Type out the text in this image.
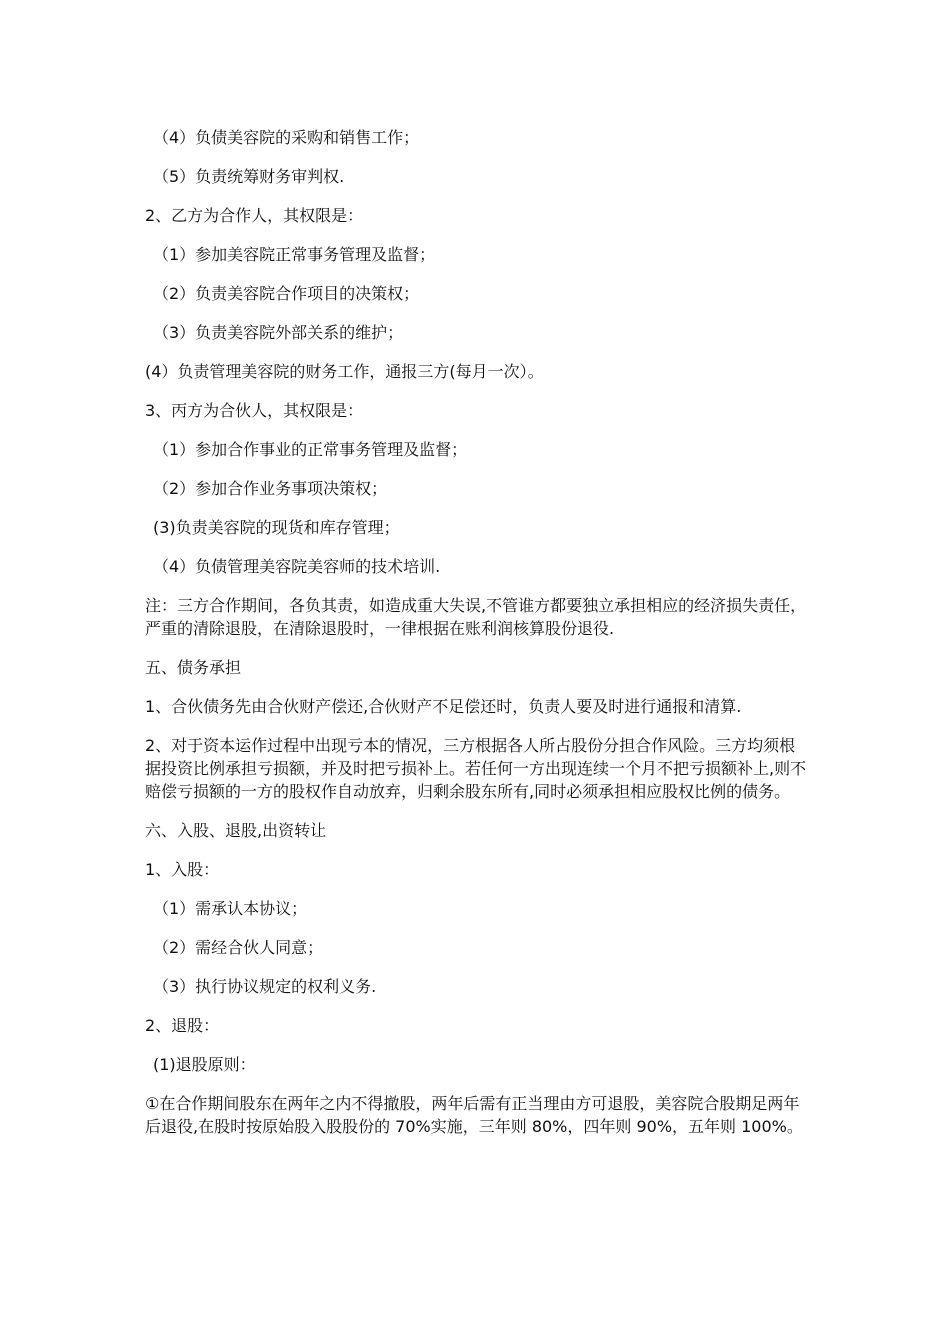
（4）负债美容院的采购和销售工作；

（5）负责统筹财务审判权.

2、乙方为合作人，其权限是：

（1）参加美容院正常事务管理及监督；

（2）负责美容院合作项目的决策权；

（3）负责美容院外部关系的维护；

(4）负责管理美容院的财务工作，通报三方(每月一次）。

3、丙方为合伙人，其权限是：

（1）参加合作事业的正常事务管理及监督；

（2）参加合作业务事项决策权；

(3)负责美容院的现货和库存管理；

（4）负债管理美容院美容师的技术培训.

注：三方合作期间，各负其责，如造成重大失误,不管谁方都要独立承担相应的经济损失责任，严重的清除退股，在清除退股时，一律根据在账利润核算股份退役.

五、债务承担

1、合伙债务先由合伙财产偿还,合伙财产不足偿还时，负责人要及时进行通报和清算.

2、对于资本运作过程中出现亏本的情况，三方根据各人所占股份分担合作风险。三方均须根据投资比例承担亏损额，并及时把亏损补上。若任何一方出现连续一个月不把亏损额补上,则不赔偿亏损额的一方的股权作自动放弃，归剩余股东所有,同时必须承担相应股权比例的债务。

六、入股、退股,出资转让

1、入股：

（1）需承认本协议；

（2）需经合伙人同意；

（3）执行协议规定的权利义务.

2、退股：

(1)退股原则：

①在合作期间股东在两年之内不得撤股，两年后需有正当理由方可退股，美容院合股期足两年后退役,在股时按原始股入股股份的 70%实施，三年则 80%，四年则 90%，五年则 100%。
